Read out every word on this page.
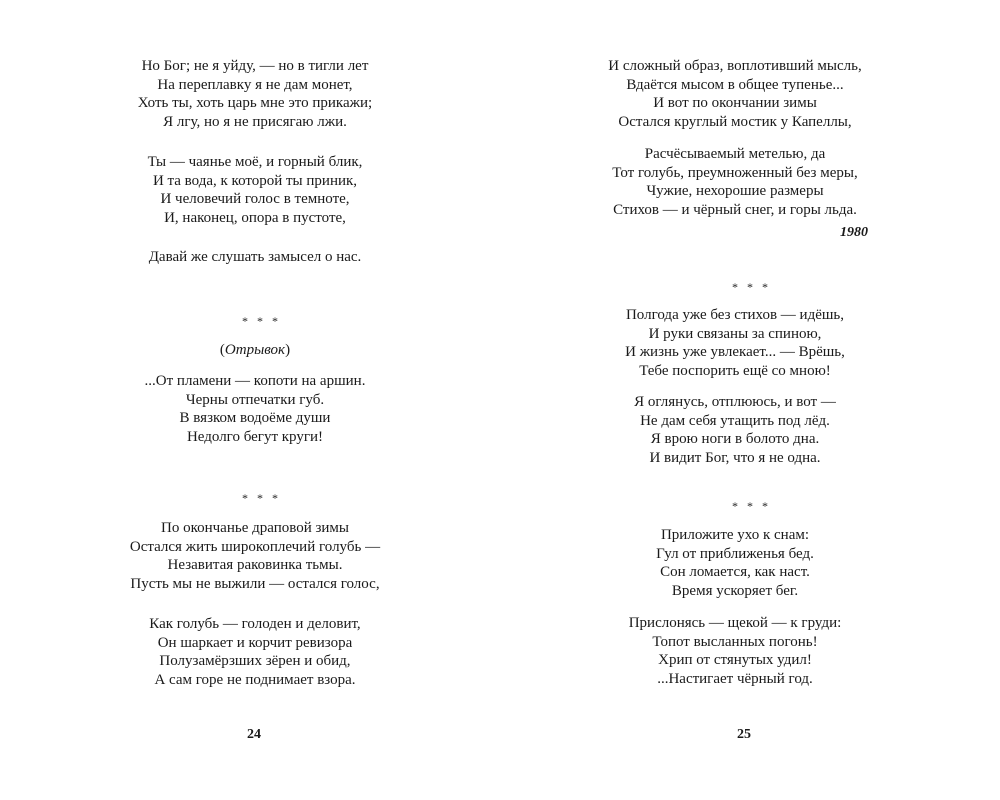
Но Бог; не я уйду, — но в тигли лет
На переплавку я не дам монет,
Хоть ты, хоть царь мне это прикажи;
Я лгу, но я не присягаю лжи.
Ты — чаянье моё, и горный блик,
И та вода, к которой ты приник,
И человечий голос в темноте,
И, наконец, опора в пустоте,
Давай же слушать замысел о нас.
* * *
(Отрывок)
...От пламени — копоти на аршин.
Черны отпечатки губ.
В вязком водоёме души
Недолго бегут круги!
* * *
По окончанье драповой зимы
Остался жить широкоплечий голубь —
Незавитая раковинка тьмы.
Пусть мы не выжили — остался голос,
Как голубь — голоден и деловит,
Он шаркает и корчит ревизора
Полузамёрзших зёрен и обид,
А сам горе не поднимает взора.
24
И сложный образ, воплотивший мысль,
Вдаётся мысом в общее тупенье...
И вот по окончании зимы
Остался круглый мостик у Капеллы,
Расчёсываемый метелью, да
Тот голубь, преумноженный без меры,
Чужие, нехорошие размеры
Стихов — и чёрный снег, и горы льда.
1980
* * *
Полгода уже без стихов — идёшь,
И руки связаны за спиною,
И жизнь уже увлекает... — Врёшь,
Тебе поспорить ещё со мною!
Я оглянусь, отплююсь, и вот —
Не дам себя утащить под лёд.
Я врою ноги в болото дна.
И видит Бог, что я не одна.
* * *
Приложите ухо к снам:
Гул от приближенья бед.
Сон ломается, как наст.
Время ускоряет бег.
Прислонясь — щекой — к груди:
Топот высланных погонь!
Хрип от стянутых удил!
...Настигает чёрный год.
25
